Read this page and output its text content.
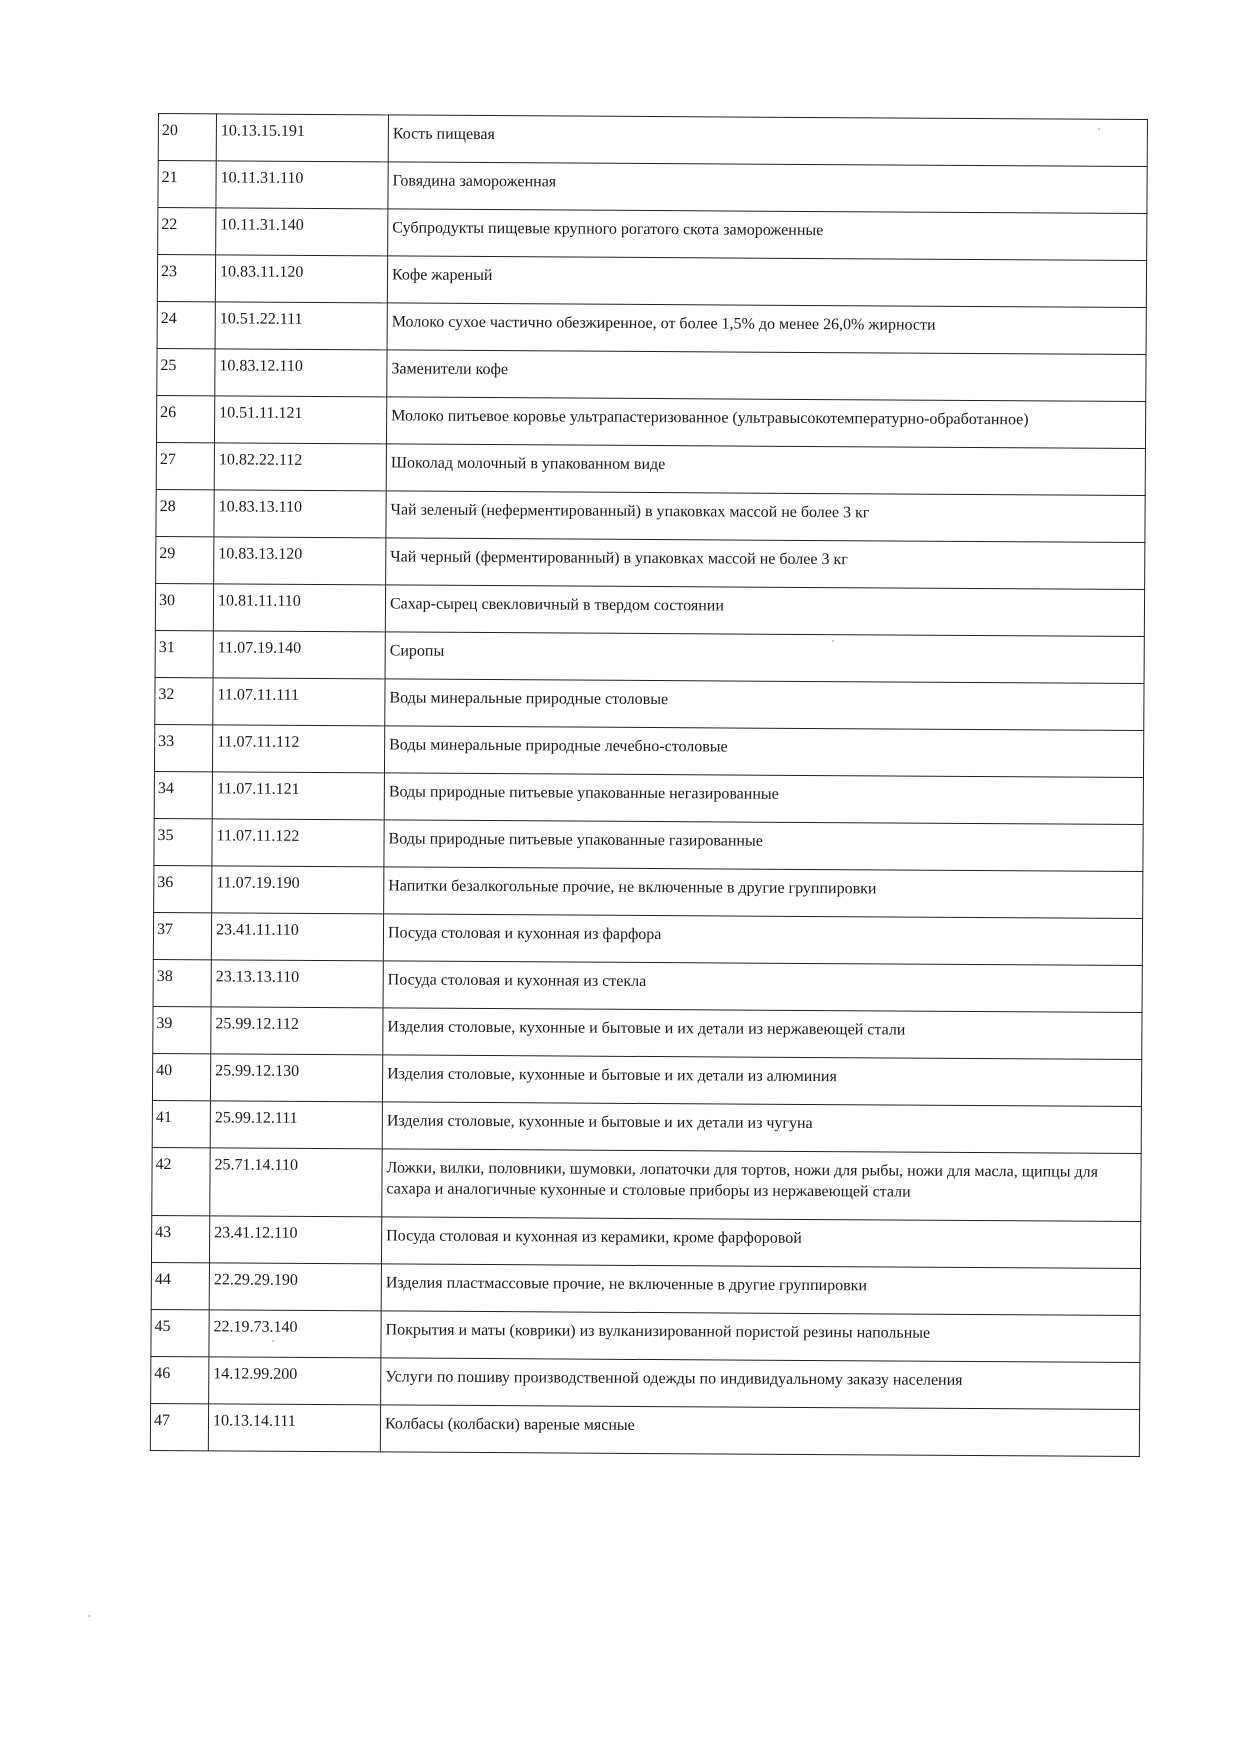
20	10.13.15.191	Кость пищевая
21	10.11.31.110	Говядина замороженная
22	10.11.31.140	Субпродукты пищевые крупного рогатого скота замороженные
23	10.83.11.120	Кофе жареный
24	10.51.22.111	Молоко сухое частично обезжиренное, от более 1,5% до менее 26,0% жирности
25	10.83.12.110	Заменители кофе
26	10.51.11.121	Молоко питьевое коровье ультрапастеризованное (ультравысокотемпературно-обработанное)
27	10.82.22.112	Шоколад молочный в упакованном виде
28	10.83.13.110	Чай зеленый (неферментированный) в упаковках массой не более 3 кг
29	10.83.13.120	Чай черный (ферментированный) в упаковках массой не более 3 кг
30	10.81.11.110	Сахар-сырец свекловичный в твердом состоянии
31	11.07.19.140	Сиропы
32	11.07.11.111	Воды минеральные природные столовые
33	11.07.11.112	Воды минеральные природные лечебно-столовые
34	11.07.11.121	Воды природные питьевые упакованные негазированные
35	11.07.11.122	Воды природные питьевые упакованные газированные
36	11.07.19.190	Напитки безалкогольные прочие, не включенные в другие группировки
37	23.41.11.110	Посуда столовая и кухонная из фарфора
38	23.13.13.110	Посуда столовая и кухонная из стекла
39	25.99.12.112	Изделия столовые, кухонные и бытовые и их детали из нержавеющей стали
40	25.99.12.130	Изделия столовые, кухонные и бытовые и их детали из алюминия
41	25.99.12.111	Изделия столовые, кухонные и бытовые и их детали из чугуна
42	25.71.14.110	Ложки, вилки, половники, шумовки, лопаточки для тортов, ножи для рыбы, ножи для масла, щипцы для сахара и аналогичные кухонные и столовые приборы из нержавеющей стали
43	23.41.12.110	Посуда столовая и кухонная из керамики, кроме фарфоровой
44	22.29.29.190	Изделия пластмассовые прочие, не включенные в другие группировки
45	22.19.73.140	Покрытия и маты (коврики) из вулканизированной пористой резины напольные
46	14.12.99.200	Услуги по пошиву производственной одежды по индивидуальному заказу населения
47	10.13.14.111	Колбасы (колбаски) вареные мясные
